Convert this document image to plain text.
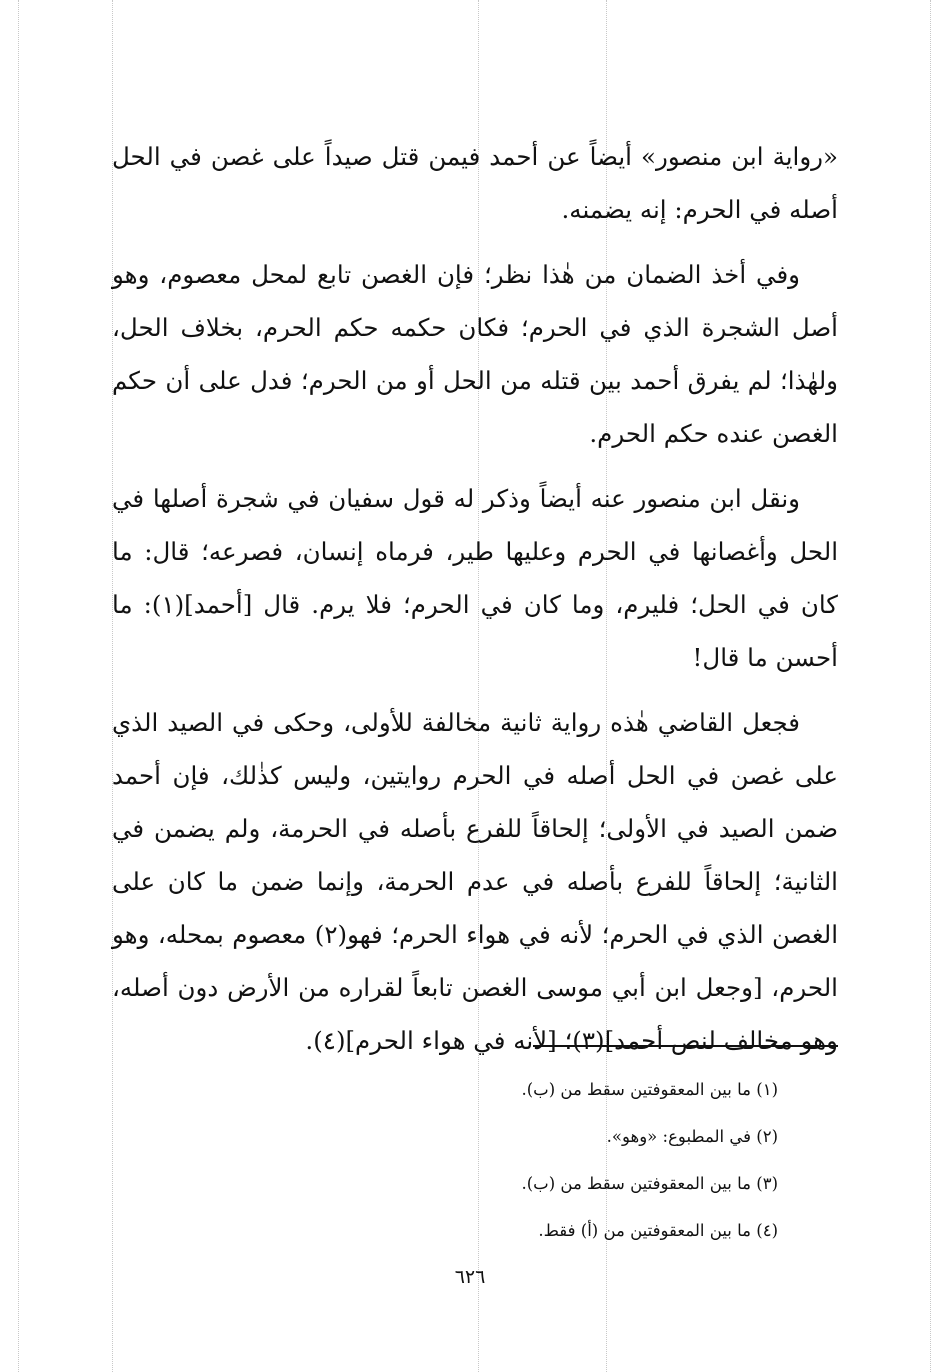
«رواية ابن منصور» أيضاً عن أحمد فيمن قتل صيداً على غصن في الحل أصله في الحرم: إنه يضمنه.

وفي أخذ الضمان من هٰذا نظر؛ فإن الغصن تابع لمحل معصوم، وهو أصل الشجرة الذي في الحرم؛ فكان حكمه حكم الحرم، بخلاف الحل، ولهٰذا؛ لم يفرق أحمد بين قتله من الحل أو من الحرم؛ فدل على أن حكم الغصن عنده حكم الحرم.

ونقل ابن منصور عنه أيضاً وذكر له قول سفيان في شجرة أصلها في الحل وأغصانها في الحرم وعليها طير، فرماه إنسان، فصرعه؛ قال: ما كان في الحل؛ فليرم، وما كان في الحرم؛ فلا يرم. قال [أحمد](١): ما أحسن ما قال!

فجعل القاضي هٰذه رواية ثانية مخالفة للأولى، وحكى في الصيد الذي على غصن في الحل أصله في الحرم روايتين، وليس كذٰلك، فإن أحمد ضمن الصيد في الأولى؛ إلحاقاً للفرع بأصله في الحرمة، ولم يضمن في الثانية؛ إلحاقاً للفرع بأصله في عدم الحرمة، وإنما ضمن ما كان على الغصن الذي في الحرم؛ لأنه في هواء الحرم؛ فهو(٢) معصوم بمحله، وهو الحرم، [وجعل ابن أبي موسى الغصن تابعاً لقراره من الأرض دون أصله، وهو مخالف لنص أحمد](٣)؛ [لأنه في هواء الحرم](٤).

(١) ما بين المعقوفتين سقط من (ب).
(٢) في المطبوع: «وهو».
(٣) ما بين المعقوفتين سقط من (ب).
(٤) ما بين المعقوفتين من (أ) فقط.
٦٢٦
